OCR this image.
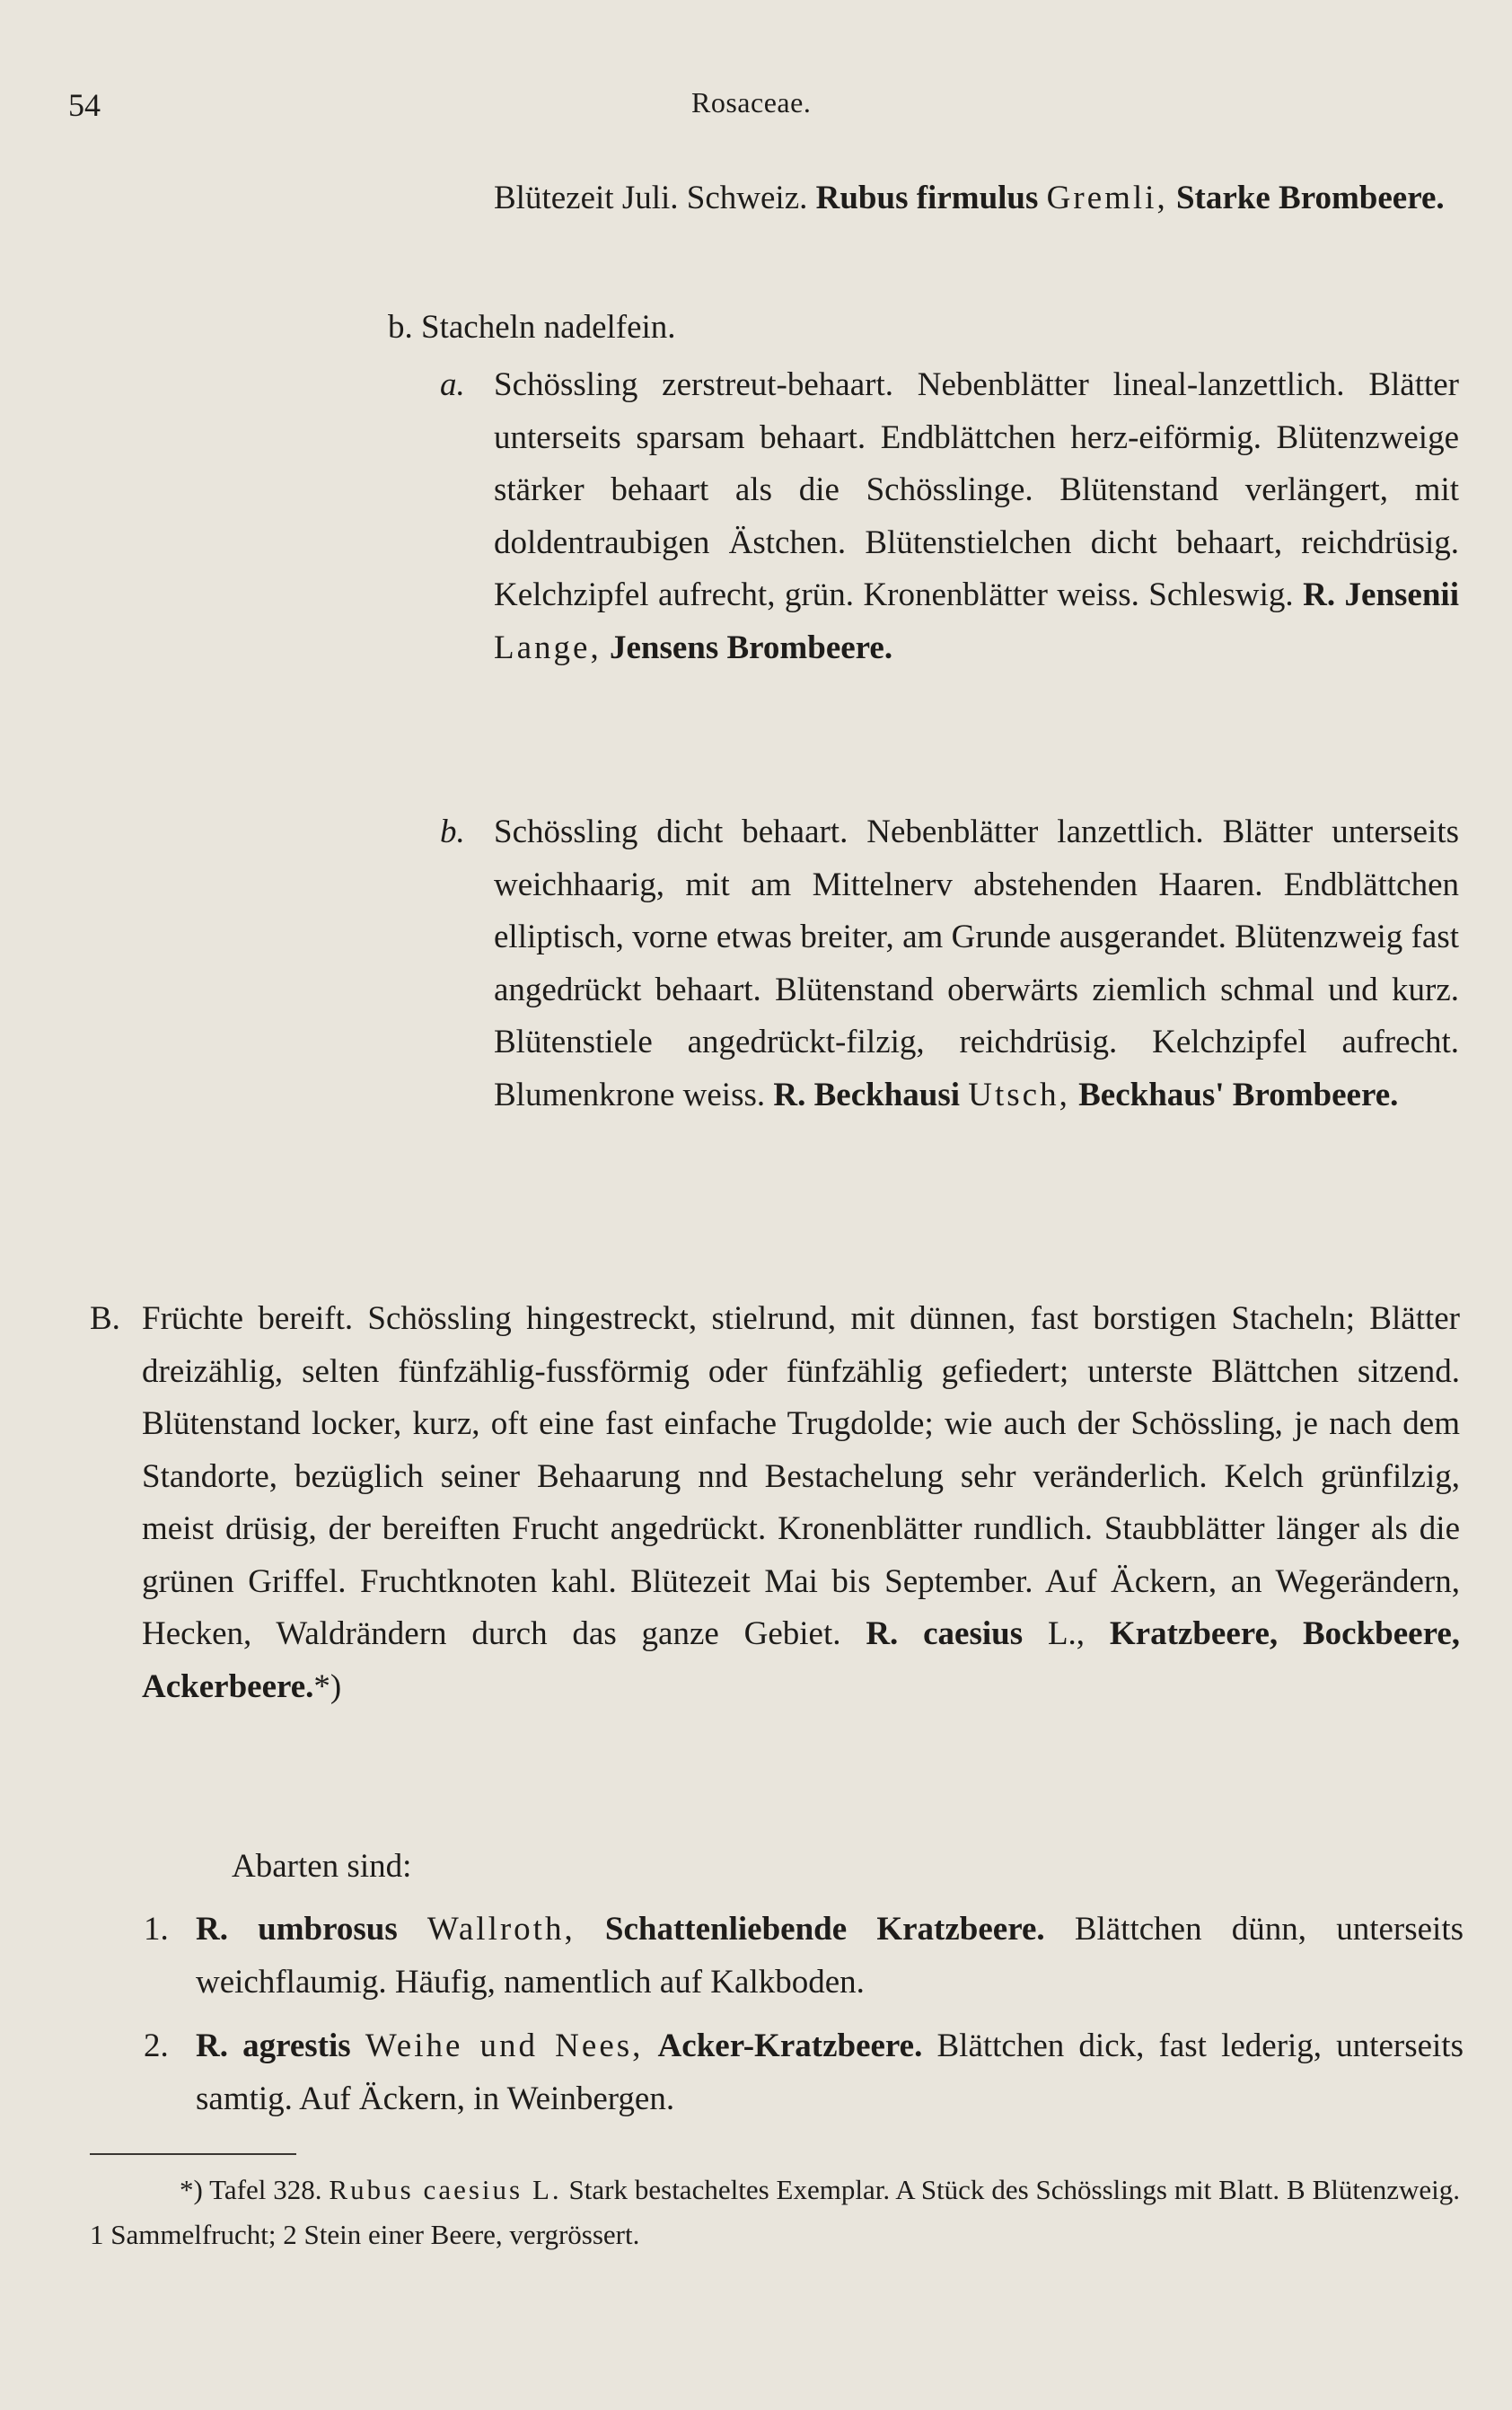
54	Rosaceae.

Blütezeit Juli. Schweiz. Rubus firmulus Gremli, Starke Brombeere.

b. Stacheln nadelfein.

a. Schössling zerstreut-behaart. Nebenblätter lineal-lanzettlich. Blätter unterseits sparsam behaart. Endblättchen herz-eiförmig. Blütenzweige stärker behaart als die Schösslinge. Blütenstand verlängert, mit doldentraubigen Ästchen. Blütenstielchen dicht behaart, reichdrüsig. Kelchzipfel aufrecht, grün. Kronenblätter weiss. Schleswig. R. Jensenii Lange, Jensens Brombeere.

b. Schössling dicht behaart. Nebenblätter lanzettlich. Blätter unterseits weichhaarig, mit am Mittelnerv abstehenden Haaren. Endblättchen elliptisch, vorne etwas breiter, am Grunde ausgerandet. Blütenzweig fast angedrückt behaart. Blütenstand oberwärts ziemlich schmal und kurz. Blütenstiele angedrückt-filzig, reichdrüsig. Kelchzipfel aufrecht. Blumenkrone weiss. R. Beckhausi Utsch, Beckhaus' Brombeere.

B. Früchte bereift. Schössling hingestreckt, stielrund, mit dünnen, fast borstigen Stacheln; Blätter dreizählig, selten fünfzählig-fussförmig oder fünfzählig gefiedert; unterste Blättchen sitzend. Blütenstand locker, kurz, oft eine fast einfache Trugdolde; wie auch der Schössling, je nach dem Standorte, bezüglich seiner Behaarung nnd Bestachelung sehr veränderlich. Kelch grünfilzig, meist drüsig, der bereiften Frucht angedrückt. Kronenblätter rundlich. Staubblätter länger als die grünen Griffel. Fruchtknoten kahl. Blütezeit Mai bis September. Auf Äckern, an Wegerändern, Hecken, Waldrändern durch das ganze Gebiet. R. caesius L., Kratzbeere, Bockbeere, Ackerbeere.*)

Abarten sind:

1. R. umbrosus Wallroth, Schattenliebende Kratzbeere. Blättchen dünn, unterseits weichflaumig. Häufig, namentlich auf Kalkboden.

2. R. agrestis Weihe und Nees, Acker-Kratzbeere. Blättchen dick, fast lederig, unterseits samtig. Auf Äckern, in Weinbergen.

*) Tafel 328. Rubus caesius L. Stark bestacheltes Exemplar. A Stück des Schösslings mit Blatt. B Blütenzweig. 1 Sammelfrucht; 2 Stein einer Beere, vergrössert.
